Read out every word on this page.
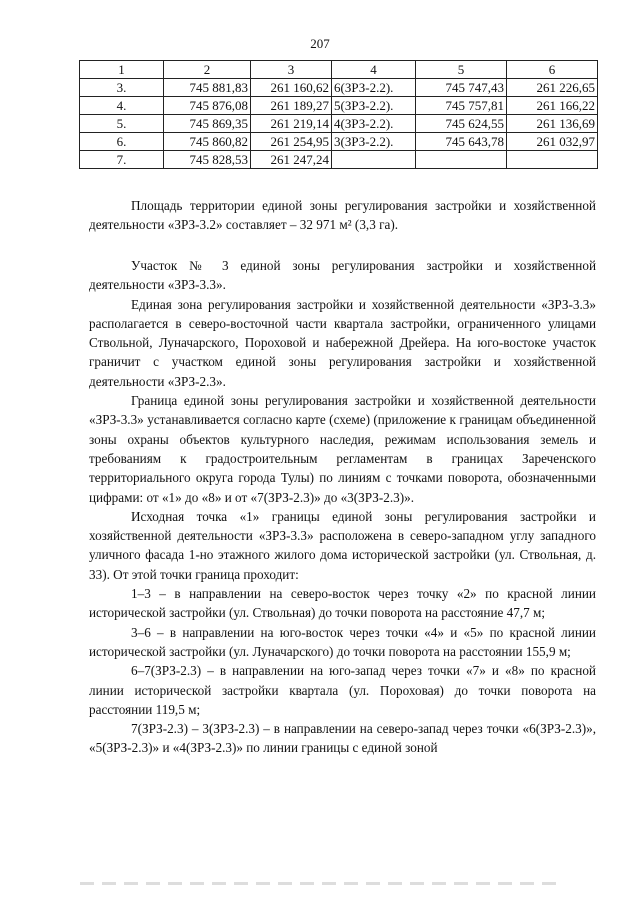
207
1	2	3	4	5	6
3.	745 881,83	261 160,62	6(ЗРЗ-2.2).	745 747,43	261 226,65
4.	745 876,08	261 189,27	5(ЗРЗ-2.2).	745 757,81	261 166,22
5.	745 869,35	261 219,14	4(ЗРЗ-2.2).	745 624,55	261 136,69
6.	745 860,82	261 254,95	3(ЗРЗ-2.2).	745 643,78	261 032,97
7.	745 828,53	261 247,24			

Площадь территории единой зоны регулирования застройки и хозяйственной деятельности «ЗРЗ-3.2» составляет – 32 971 м² (3,3 га).

Участок № 3 единой зоны регулирования застройки и хозяйственной деятельности «ЗРЗ-3.3».

Единая зона регулирования застройки и хозяйственной деятельности «ЗРЗ-3.3» располагается в северо-восточной части квартала застройки, ограниченного улицами Ствольной, Луначарского, Пороховой и набережной Дрейера. На юго-востоке участок граничит с участком единой зоны регулирования застройки и хозяйственной деятельности «ЗРЗ-2.3».

Граница единой зоны регулирования застройки и хозяйственной деятельности «ЗРЗ-3.3» устанавливается согласно карте (схеме) (приложение к границам объединенной зоны охраны объектов культурного наследия, режимам использования земель и требованиям к градостроительным регламентам в границах Зареченского территориального округа города Тулы) по линиям с точками поворота, обозначенными цифрами: от «1» до «8» и от «7(ЗРЗ-2.3)» до «3(ЗРЗ-2.3)».

Исходная точка «1» границы единой зоны регулирования застройки и хозяйственной деятельности «ЗРЗ-3.3» расположена в северо-западном углу западного уличного фасада 1-но этажного жилого дома исторической застройки (ул. Ствольная, д. 33). От этой точки граница проходит:

1–3 – в направлении на северо-восток через точку «2» по красной линии исторической застройки (ул. Ствольная) до точки поворота на расстояние 47,7 м;

3–6 – в направлении на юго-восток через точки «4» и «5» по красной линии исторической застройки (ул. Луначарского) до точки поворота на расстоянии 155,9 м;

6–7(ЗРЗ-2.3) – в направлении на юго-запад через точки «7» и «8» по красной линии исторической застройки квартала (ул. Пороховая) до точки поворота на расстоянии 119,5 м;

7(ЗРЗ-2.3) – 3(ЗРЗ-2.3) – в направлении на северо-запад через точки «6(ЗРЗ-2.3)», «5(ЗРЗ-2.3)» и «4(ЗРЗ-2.3)» по линии границы с единой зоной
